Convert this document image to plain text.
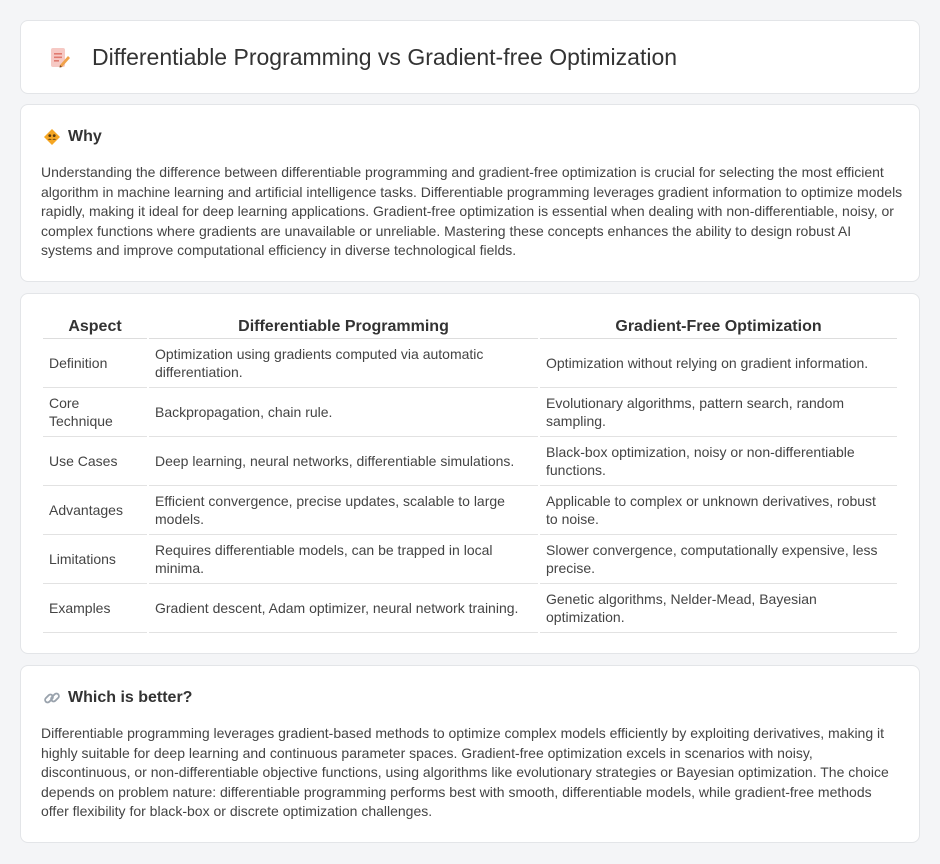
Differentiable Programming vs Gradient-free Optimization
Why

Understanding the difference between differentiable programming and gradient-free optimization is crucial for selecting the most efficient algorithm in machine learning and artificial intelligence tasks. Differentiable programming leverages gradient information to optimize models rapidly, making it ideal for deep learning applications. Gradient-free optimization is essential when dealing with non-differentiable, noisy, or complex functions where gradients are unavailable or unreliable. Mastering these concepts enhances the ability to design robust AI systems and improve computational efficiency in diverse technological fields.

Aspect	Differentiable Programming	Gradient-Free Optimization
Definition	Optimization using gradients computed via automatic differentiation.	Optimization without relying on gradient information.
Core Technique	Backpropagation, chain rule.	Evolutionary algorithms, pattern search, random sampling.
Use Cases	Deep learning, neural networks, differentiable simulations.	Black-box optimization, noisy or non-differentiable functions.
Advantages	Efficient convergence, precise updates, scalable to large models.	Applicable to complex or unknown derivatives, robust to noise.
Limitations	Requires differentiable models, can be trapped in local minima.	Slower convergence, computationally expensive, less precise.
Examples	Gradient descent, Adam optimizer, neural network training.	Genetic algorithms, Nelder-Mead, Bayesian optimization.
Which is better?

Differentiable programming leverages gradient-based methods to optimize complex models efficiently by exploiting derivatives, making it highly suitable for deep learning and continuous parameter spaces. Gradient-free optimization excels in scenarios with noisy, discontinuous, or non-differentiable objective functions, using algorithms like evolutionary strategies or Bayesian optimization. The choice depends on problem nature: differentiable programming performs best with smooth, differentiable models, while gradient-free methods offer flexibility for black-box or discrete optimization challenges.
